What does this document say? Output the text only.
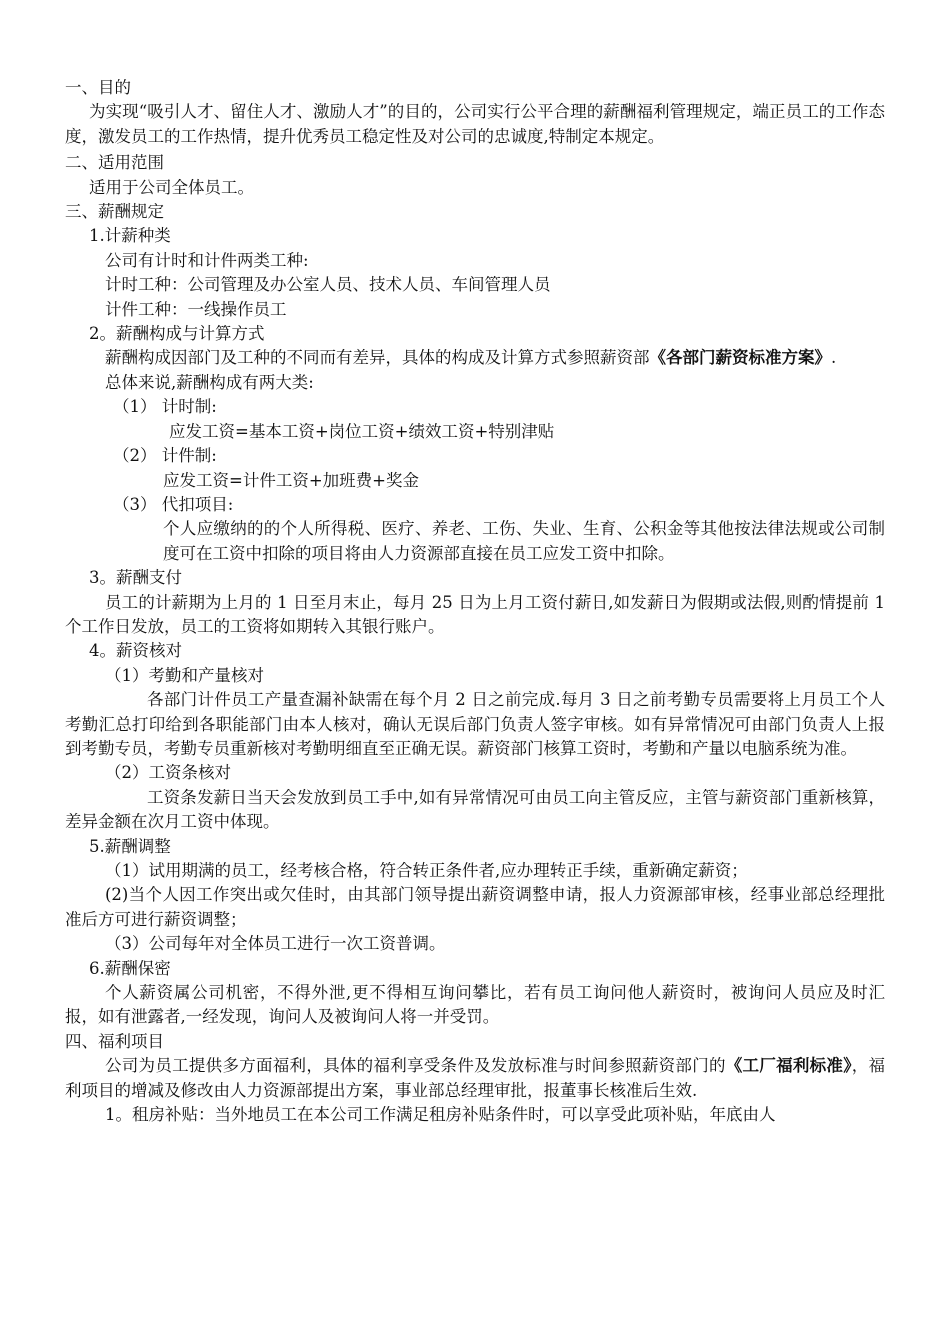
一、目的

为实现“吸引人才、留住人才、激励人才”的目的，公司实行公平合理的薪酬福利管理规定，端正员工的工作态度，激发员工的工作热情，提升优秀员工稳定性及对公司的忠诚度,特制定本规定。

二、适用范围

适用于公司全体员工。

三、薪酬规定

1.计薪种类

公司有计时和计件两类工种:

计时工种：公司管理及办公室人员、技术人员、车间管理人员

计件工种：一线操作员工

2。薪酬构成与计算方式

薪酬构成因部门及工种的不同而有差异，具体的构成及计算方式参照薪资部《各部门薪资标准方案》.

总体来说,薪酬构成有两大类:

（1） 计时制:

应发工资=基本工资+岗位工资+绩效工资+特别津贴

（2） 计件制:

应发工资=计件工资+加班费+奖金

（3） 代扣项目:

个人应缴纳的的个人所得税、医疗、养老、工伤、失业、生育、公积金等其他按法律法规或公司制度可在工资中扣除的项目将由人力资源部直接在员工应发工资中扣除。

3。薪酬支付

员工的计薪期为上月的 1 日至月末止，每月 25 日为上月工资付薪日,如发薪日为假期或法假,则酌情提前 1 个工作日发放，员工的工资将如期转入其银行账户。

4。薪资核对

（1）考勤和产量核对

各部门计件员工产量查漏补缺需在每个月 2 日之前完成.每月 3 日之前考勤专员需要将上月员工个人考勤汇总打印给到各职能部门由本人核对，确认无误后部门负责人签字审核。如有异常情况可由部门负责人上报到考勤专员，考勤专员重新核对考勤明细直至正确无误。薪资部门核算工资时，考勤和产量以电脑系统为准。

（2）工资条核对

工资条发薪日当天会发放到员工手中,如有异常情况可由员工向主管反应，主管与薪资部门重新核算，差异金额在次月工资中体现。

5.薪酬调整

（1）试用期满的员工，经考核合格，符合转正条件者,应办理转正手续，重新确定薪资；

(2)当个人因工作突出或欠佳时，由其部门领导提出薪资调整申请，报人力资源部审核，经事业部总经理批准后方可进行薪资调整；

（3）公司每年对全体员工进行一次工资普调。

6.薪酬保密

个人薪资属公司机密，不得外泄,更不得相互询问攀比，若有员工询问他人薪资时，被询问人员应及时汇报，如有泄露者,一经发现，询问人及被询问人将一并受罚。

四、福利项目

公司为员工提供多方面福利，具体的福利享受条件及发放标准与时间参照薪资部门的《工厂福利标准》，福利项目的增减及修改由人力资源部提出方案，事业部总经理审批，报董事长核准后生效.

1。租房补贴：当外地员工在本公司工作满足租房补贴条件时，可以享受此项补贴，年底由人
